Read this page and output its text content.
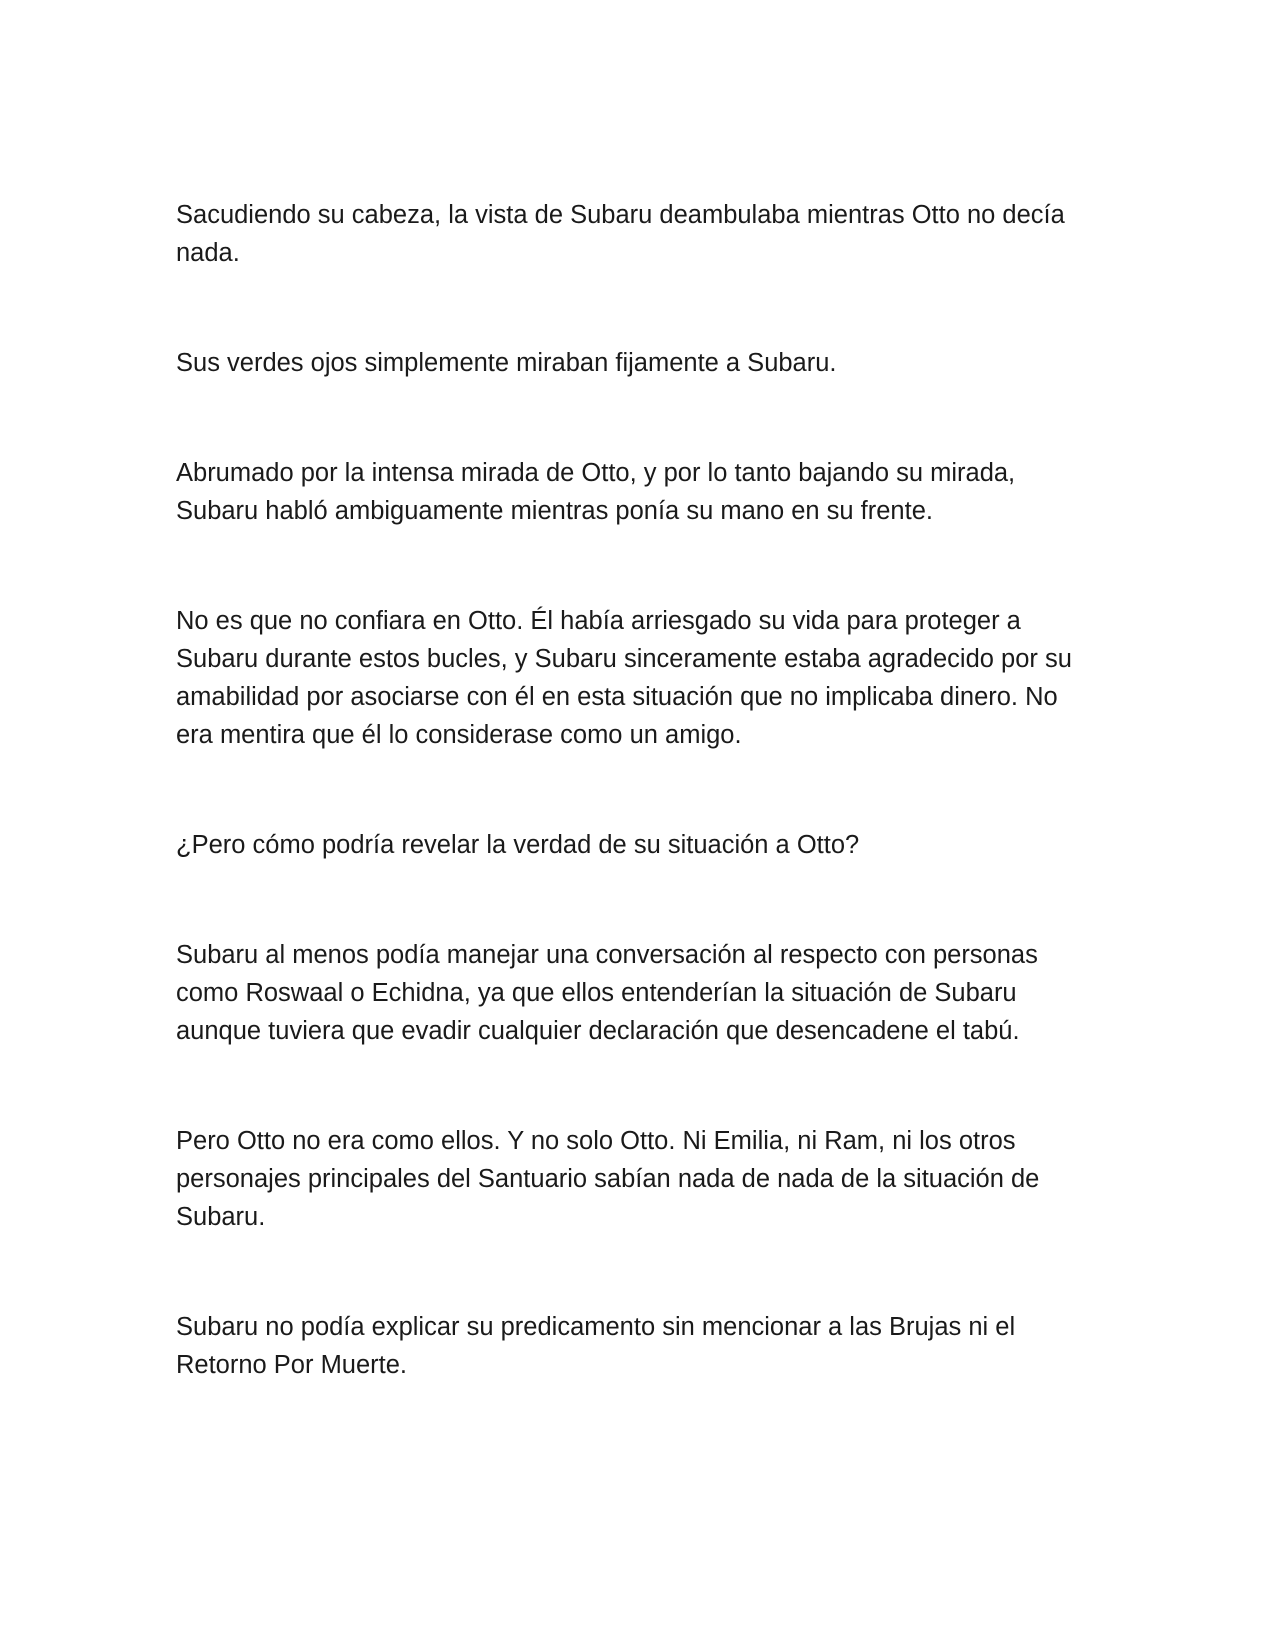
Sacudiendo su cabeza, la vista de Subaru deambulaba mientras Otto no decía nada.

Sus verdes ojos simplemente miraban fijamente a Subaru.

Abrumado por la intensa mirada de Otto, y por lo tanto bajando su mirada, Subaru habló ambiguamente mientras ponía su mano en su frente.

No es que no confiara en Otto. Él había arriesgado su vida para proteger a Subaru durante estos bucles, y Subaru sinceramente estaba agradecido por su amabilidad por asociarse con él en esta situación que no implicaba dinero. No era mentira que él lo considerase como un amigo.

¿Pero cómo podría revelar la verdad de su situación a Otto?

Subaru al menos podía manejar una conversación al respecto con personas como Roswaal o Echidna, ya que ellos entenderían la situación de Subaru aunque tuviera que evadir cualquier declaración que desencadene el tabú.

Pero Otto no era como ellos. Y no solo Otto. Ni Emilia, ni Ram, ni los otros personajes principales del Santuario sabían nada de nada de la situación de Subaru.

Subaru no podía explicar su predicamento sin mencionar a las Brujas ni el Retorno Por Muerte.
